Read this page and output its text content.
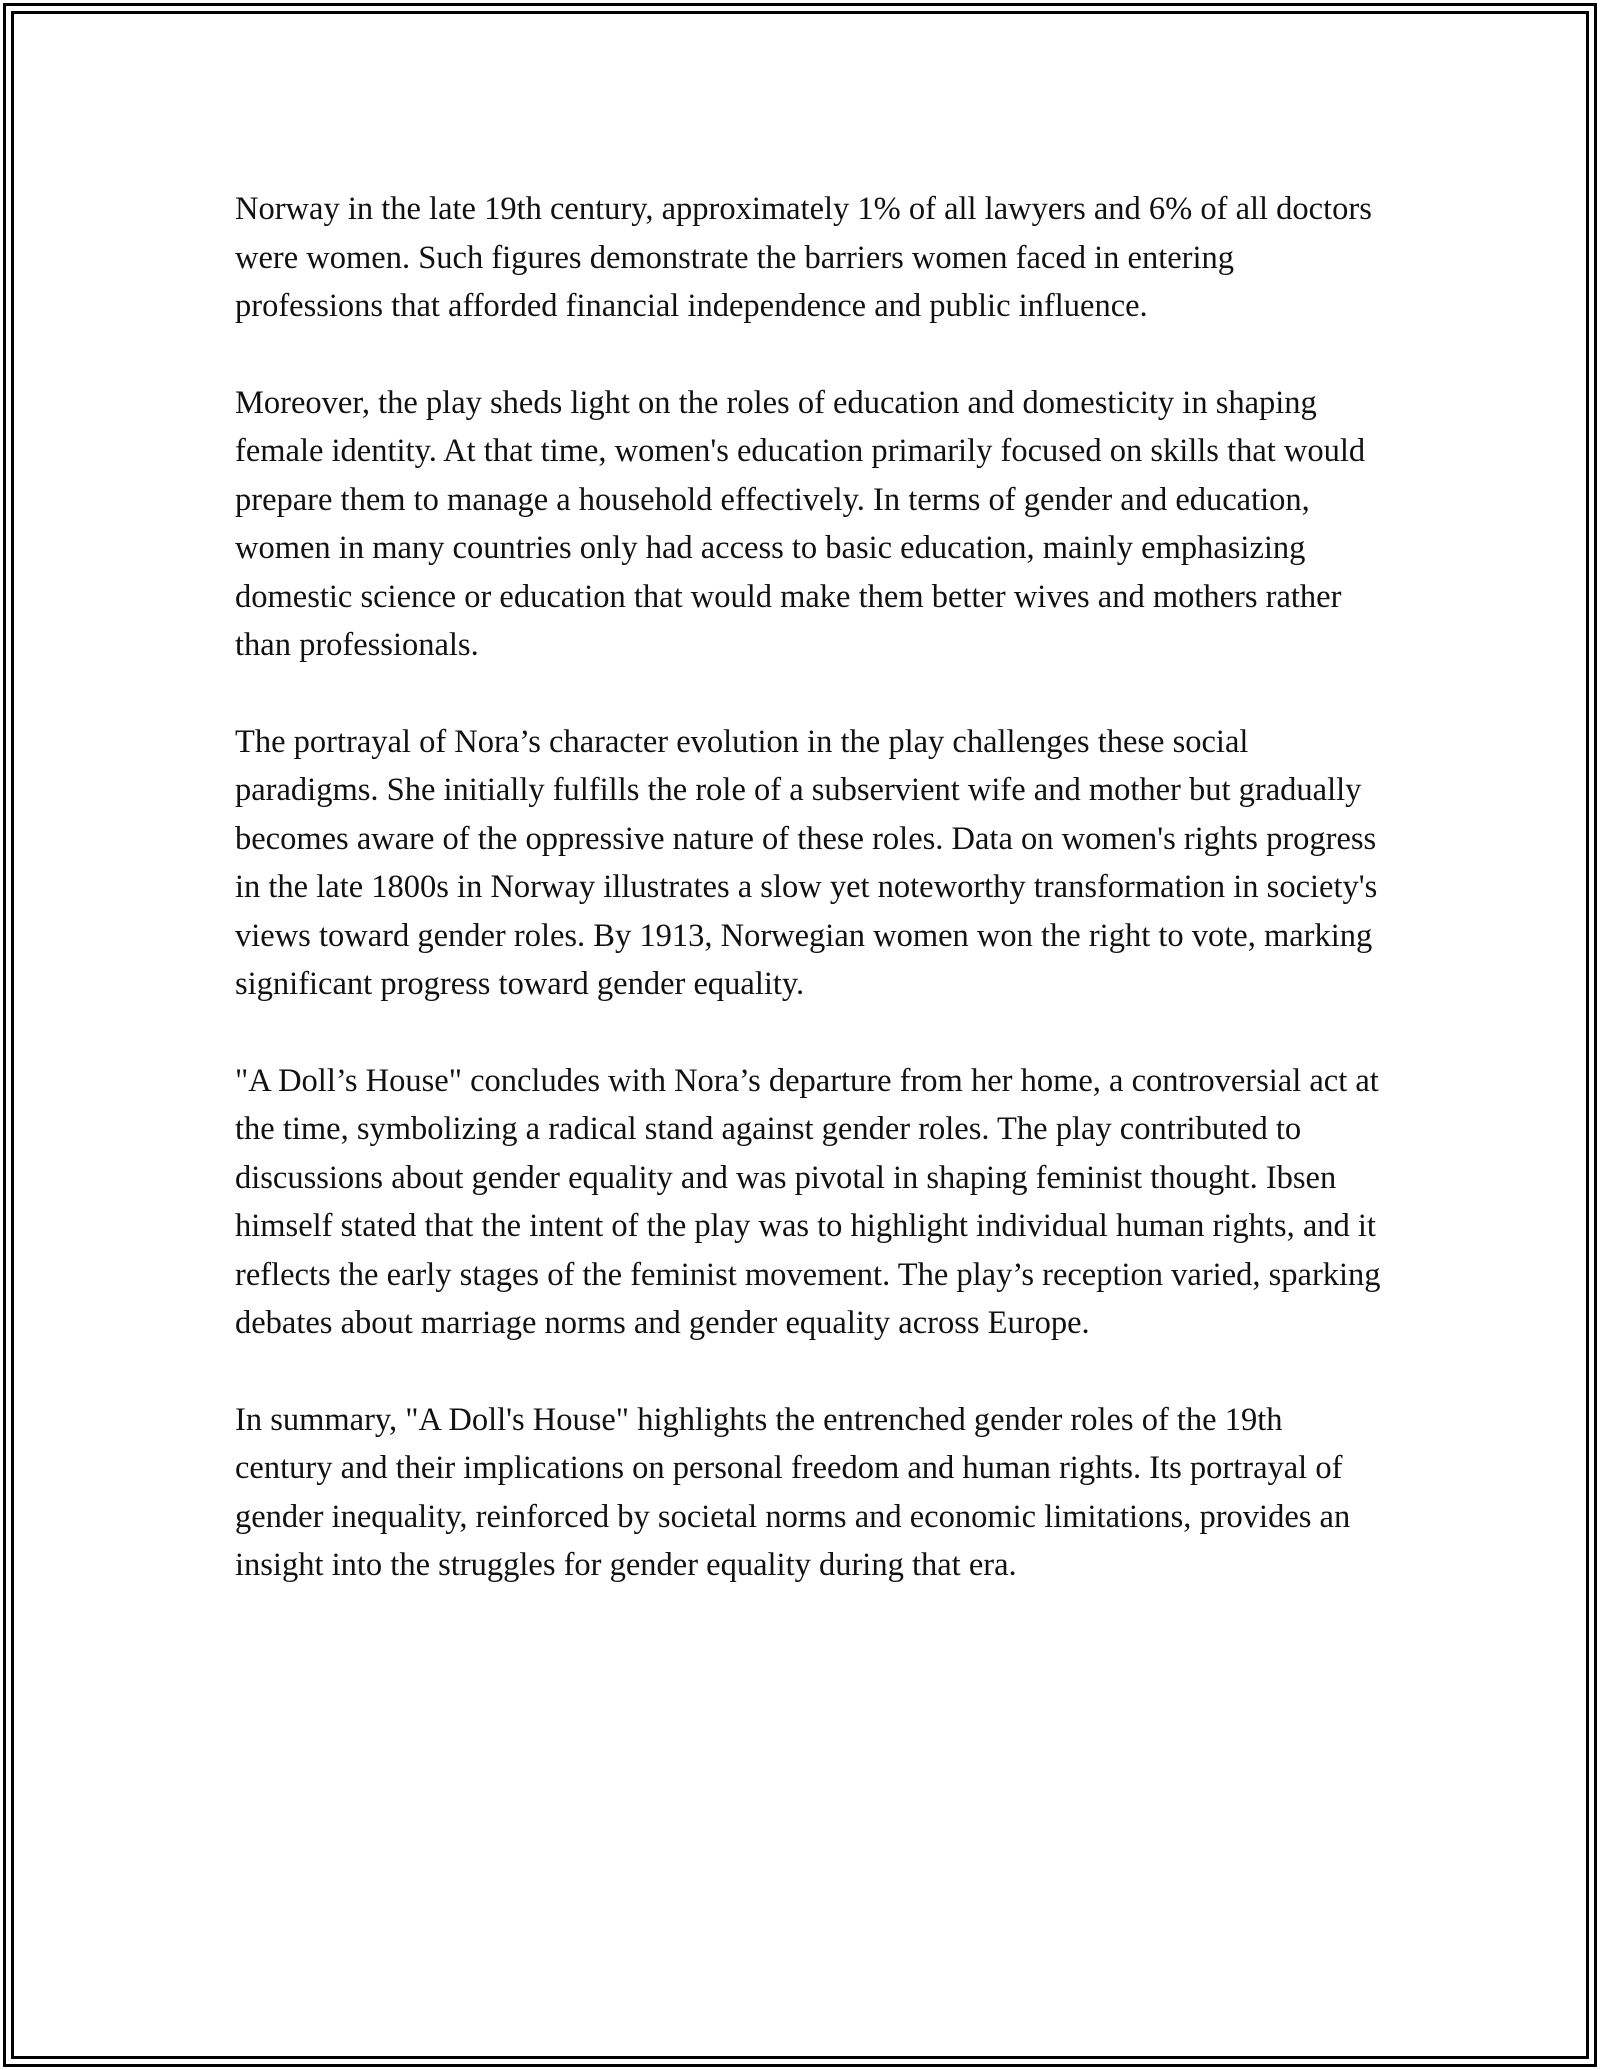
Norway in the late 19th century, approximately 1% of all lawyers and 6% of all doctors were women. Such figures demonstrate the barriers women faced in entering professions that afforded financial independence and public influence.

Moreover, the play sheds light on the roles of education and domesticity in shaping female identity. At that time, women's education primarily focused on skills that would prepare them to manage a household effectively. In terms of gender and education, women in many countries only had access to basic education, mainly emphasizing domestic science or education that would make them better wives and mothers rather than professionals.

The portrayal of Nora’s character evolution in the play challenges these social paradigms. She initially fulfills the role of a subservient wife and mother but gradually becomes aware of the oppressive nature of these roles. Data on women's rights progress in the late 1800s in Norway illustrates a slow yet noteworthy transformation in society's views toward gender roles. By 1913, Norwegian women won the right to vote, marking significant progress toward gender equality.

"A Doll’s House" concludes with Nora’s departure from her home, a controversial act at the time, symbolizing a radical stand against gender roles. The play contributed to discussions about gender equality and was pivotal in shaping feminist thought. Ibsen himself stated that the intent of the play was to highlight individual human rights, and it reflects the early stages of the feminist movement. The play’s reception varied, sparking debates about marriage norms and gender equality across Europe.

In summary, "A Doll's House" highlights the entrenched gender roles of the 19th century and their implications on personal freedom and human rights. Its portrayal of gender inequality, reinforced by societal norms and economic limitations, provides an insight into the struggles for gender equality during that era.
